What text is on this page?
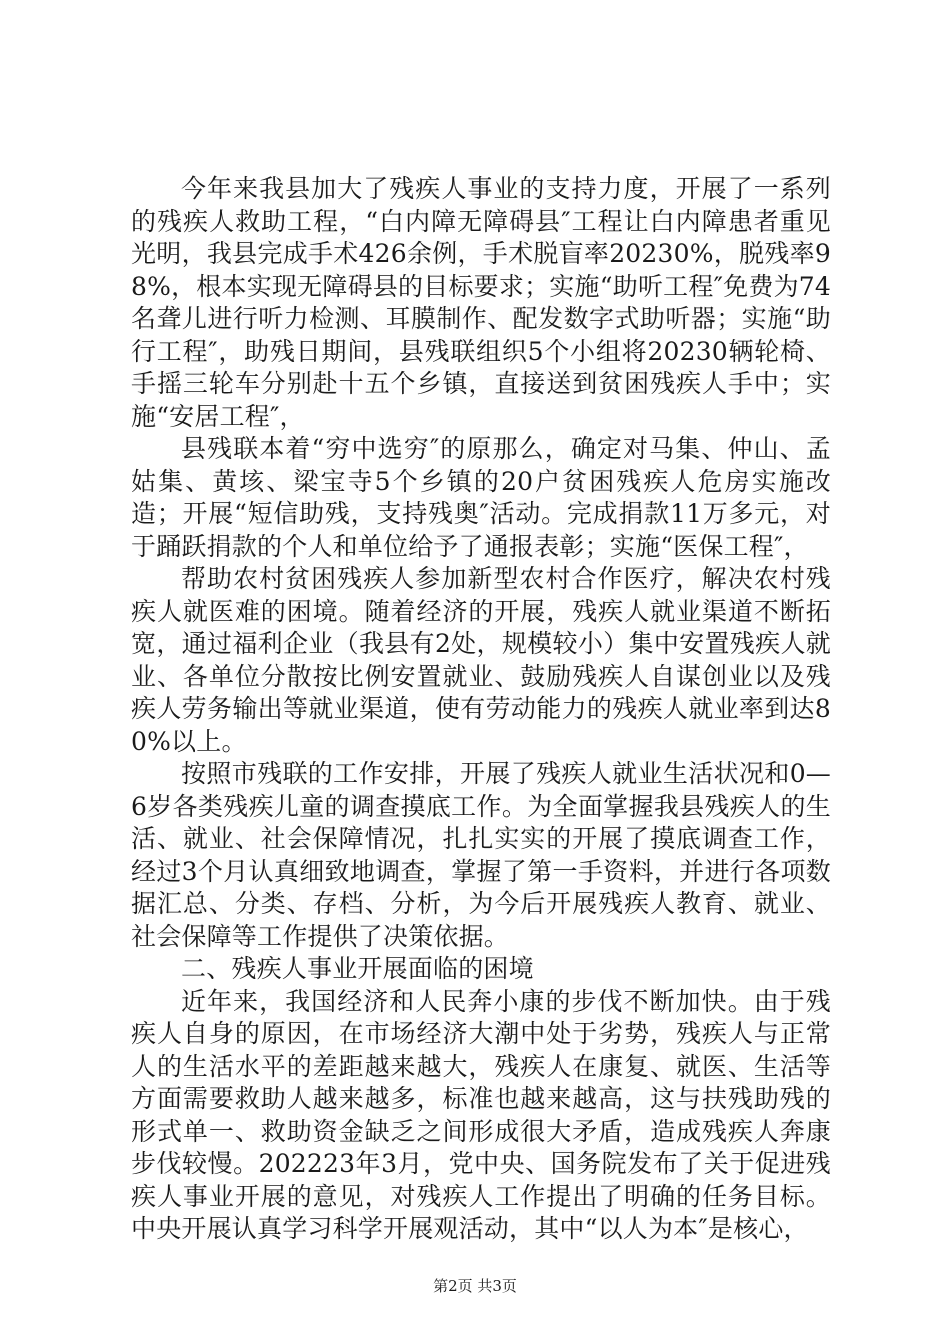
今年来我县加大了残疾人事业的支持力度，开展了一系列的残疾人救助工程，“白内障无障碍县″工程让白内障患者重见光明，我县完成手术426余例，手术脱盲率20230%，脱残率98%，根本实现无障碍县的目标要求；实施“助听工程″免费为74名聋儿进行听力检测、耳膜制作、配发数字式助听器；实施“助行工程″，助残日期间，县残联组织5个小组将20230辆轮椅、手摇三轮车分别赴十五个乡镇，直接送到贫困残疾人手中；实施“安居工程″，

县残联本着“穷中选穷″的原那么，确定对马集、仲山、孟姑集、黄垓、梁宝寺5个乡镇的20户贫困残疾人危房实施改造；开展“短信助残，支持残奥″活动。完成捐款11万多元，对于踊跃捐款的个人和单位给予了通报表彰；实施“医保工程″，

帮助农村贫困残疾人参加新型农村合作医疗，解决农村残疾人就医难的困境。随着经济的开展，残疾人就业渠道不断拓宽，通过福利企业（我县有2处，规模较小）集中安置残疾人就业、各单位分散按比例安置就业、鼓励残疾人自谋创业以及残疾人劳务输出等就业渠道，使有劳动能力的残疾人就业率到达80%以上。

按照市残联的工作安排，开展了残疾人就业生活状况和0—6岁各类残疾儿童的调查摸底工作。为全面掌握我县残疾人的生活、就业、社会保障情况，扎扎实实的开展了摸底调查工作，经过3个月认真细致地调查，掌握了第一手资料，并进行各项数据汇总、分类、存档、分析，为今后开展残疾人教育、就业、社会保障等工作提供了决策依据。

二、残疾人事业开展面临的困境

近年来，我国经济和人民奔小康的步伐不断加快。由于残疾人自身的原因，在市场经济大潮中处于劣势，残疾人与正常人的生活水平的差距越来越大，残疾人在康复、就医、生活等方面需要救助人越来越多，标准也越来越高，这与扶残助残的形式单一、救助资金缺乏之间形成很大矛盾，造成残疾人奔康步伐较慢。202223年3月，党中央、国务院发布了关于促进残疾人事业开展的意见，对残疾人工作提出了明确的任务目标。中央开展认真学习科学开展观活动，其中“以人为本″是核心，

第2页 共3页
